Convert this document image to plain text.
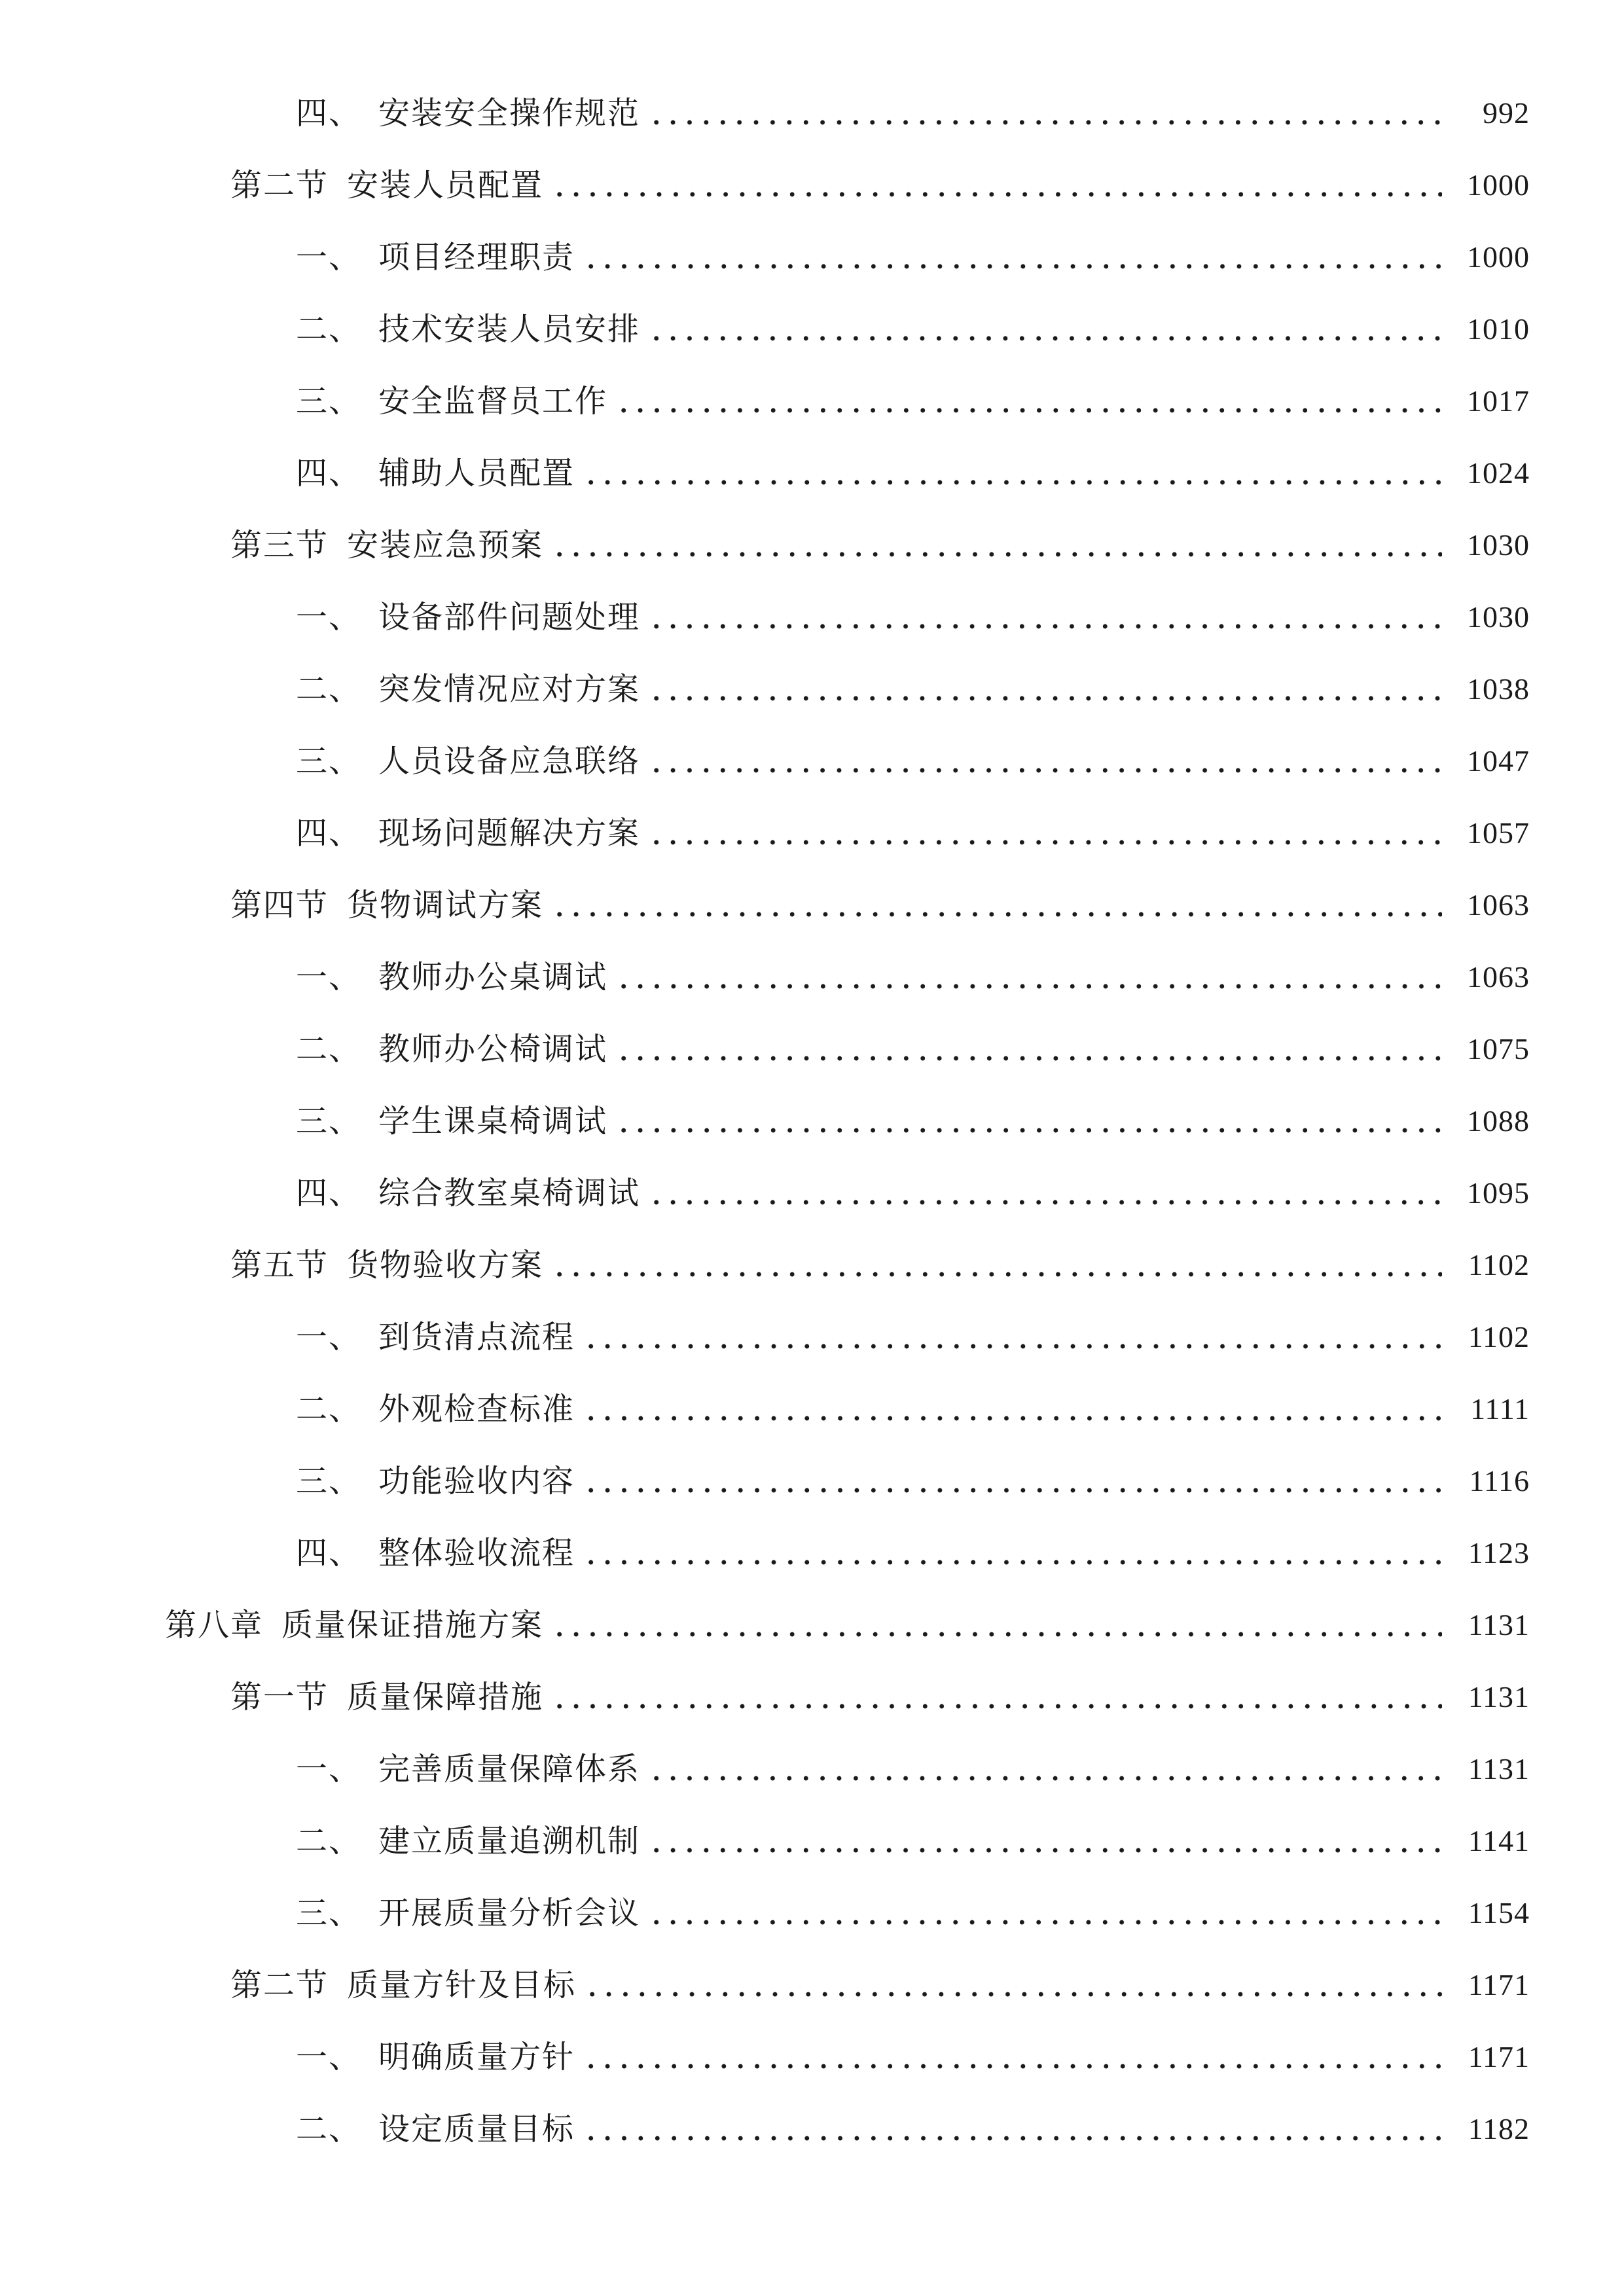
四、 安装安全操作规范	992
第二节 安装人员配置	1000
一、 项目经理职责	1000
二、 技术安装人员安排	1010
三、 安全监督员工作	1017
四、 辅助人员配置	1024
第三节 安装应急预案	1030
一、 设备部件问题处理	1030
二、 突发情况应对方案	1038
三、 人员设备应急联络	1047
四、 现场问题解决方案	1057
第四节 货物调试方案	1063
一、 教师办公桌调试	1063
二、 教师办公椅调试	1075
三、 学生课桌椅调试	1088
四、 综合教室桌椅调试	1095
第五节 货物验收方案	1102
一、 到货清点流程	1102
二、 外观检查标准	1111
三、 功能验收内容	1116
四、 整体验收流程	1123
第八章 质量保证措施方案	1131
第一节 质量保障措施	1131
一、 完善质量保障体系	1131
二、 建立质量追溯机制	1141
三、 开展质量分析会议	1154
第二节 质量方针及目标	1171
一、 明确质量方针	1171
二、 设定质量目标	1182
